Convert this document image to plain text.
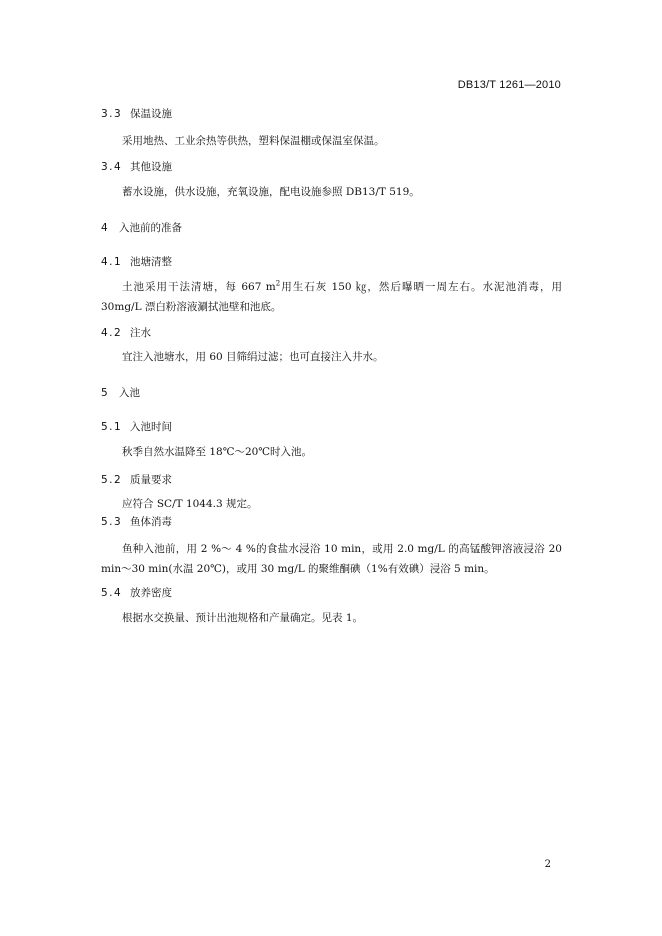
DB13/T 1261—2010
3.3 保温设施
采用地热、工业余热等供热，塑料保温棚或保温室保温。
3.4 其他设施
蓄水设施，供水设施，充氧设施，配电设施参照 DB13/T 519。
4 入池前的准备
4.1 池塘清整
土池采用干法清塘，每 667 $m^2$用生石灰 150 ㎏，然后曝晒一周左右。水泥池消毒，用 30mg/L 漂白粉溶液涮拭池壁和池底。
4.2 注水
宜注入池塘水，用 60 目筛绢过滤；也可直接注入井水。
5 入池
5.1 入池时间
秋季自然水温降至 18℃～20℃时入池。
5.2 质量要求
应符合 SC/T 1044.3 规定。
5.3 鱼体消毒
鱼种入池前，用 2 %～ 4 %的食盐水浸浴 10 min，或用 2.0 mg/L 的高锰酸钾溶液浸浴 20 min～30 min(水温 20℃)，或用 30 mg/L 的聚维酮碘（1%有效碘）浸浴 5 min。
5.4 放养密度
根据水交换量、预计出池规格和产量确定。见表 1。
2
